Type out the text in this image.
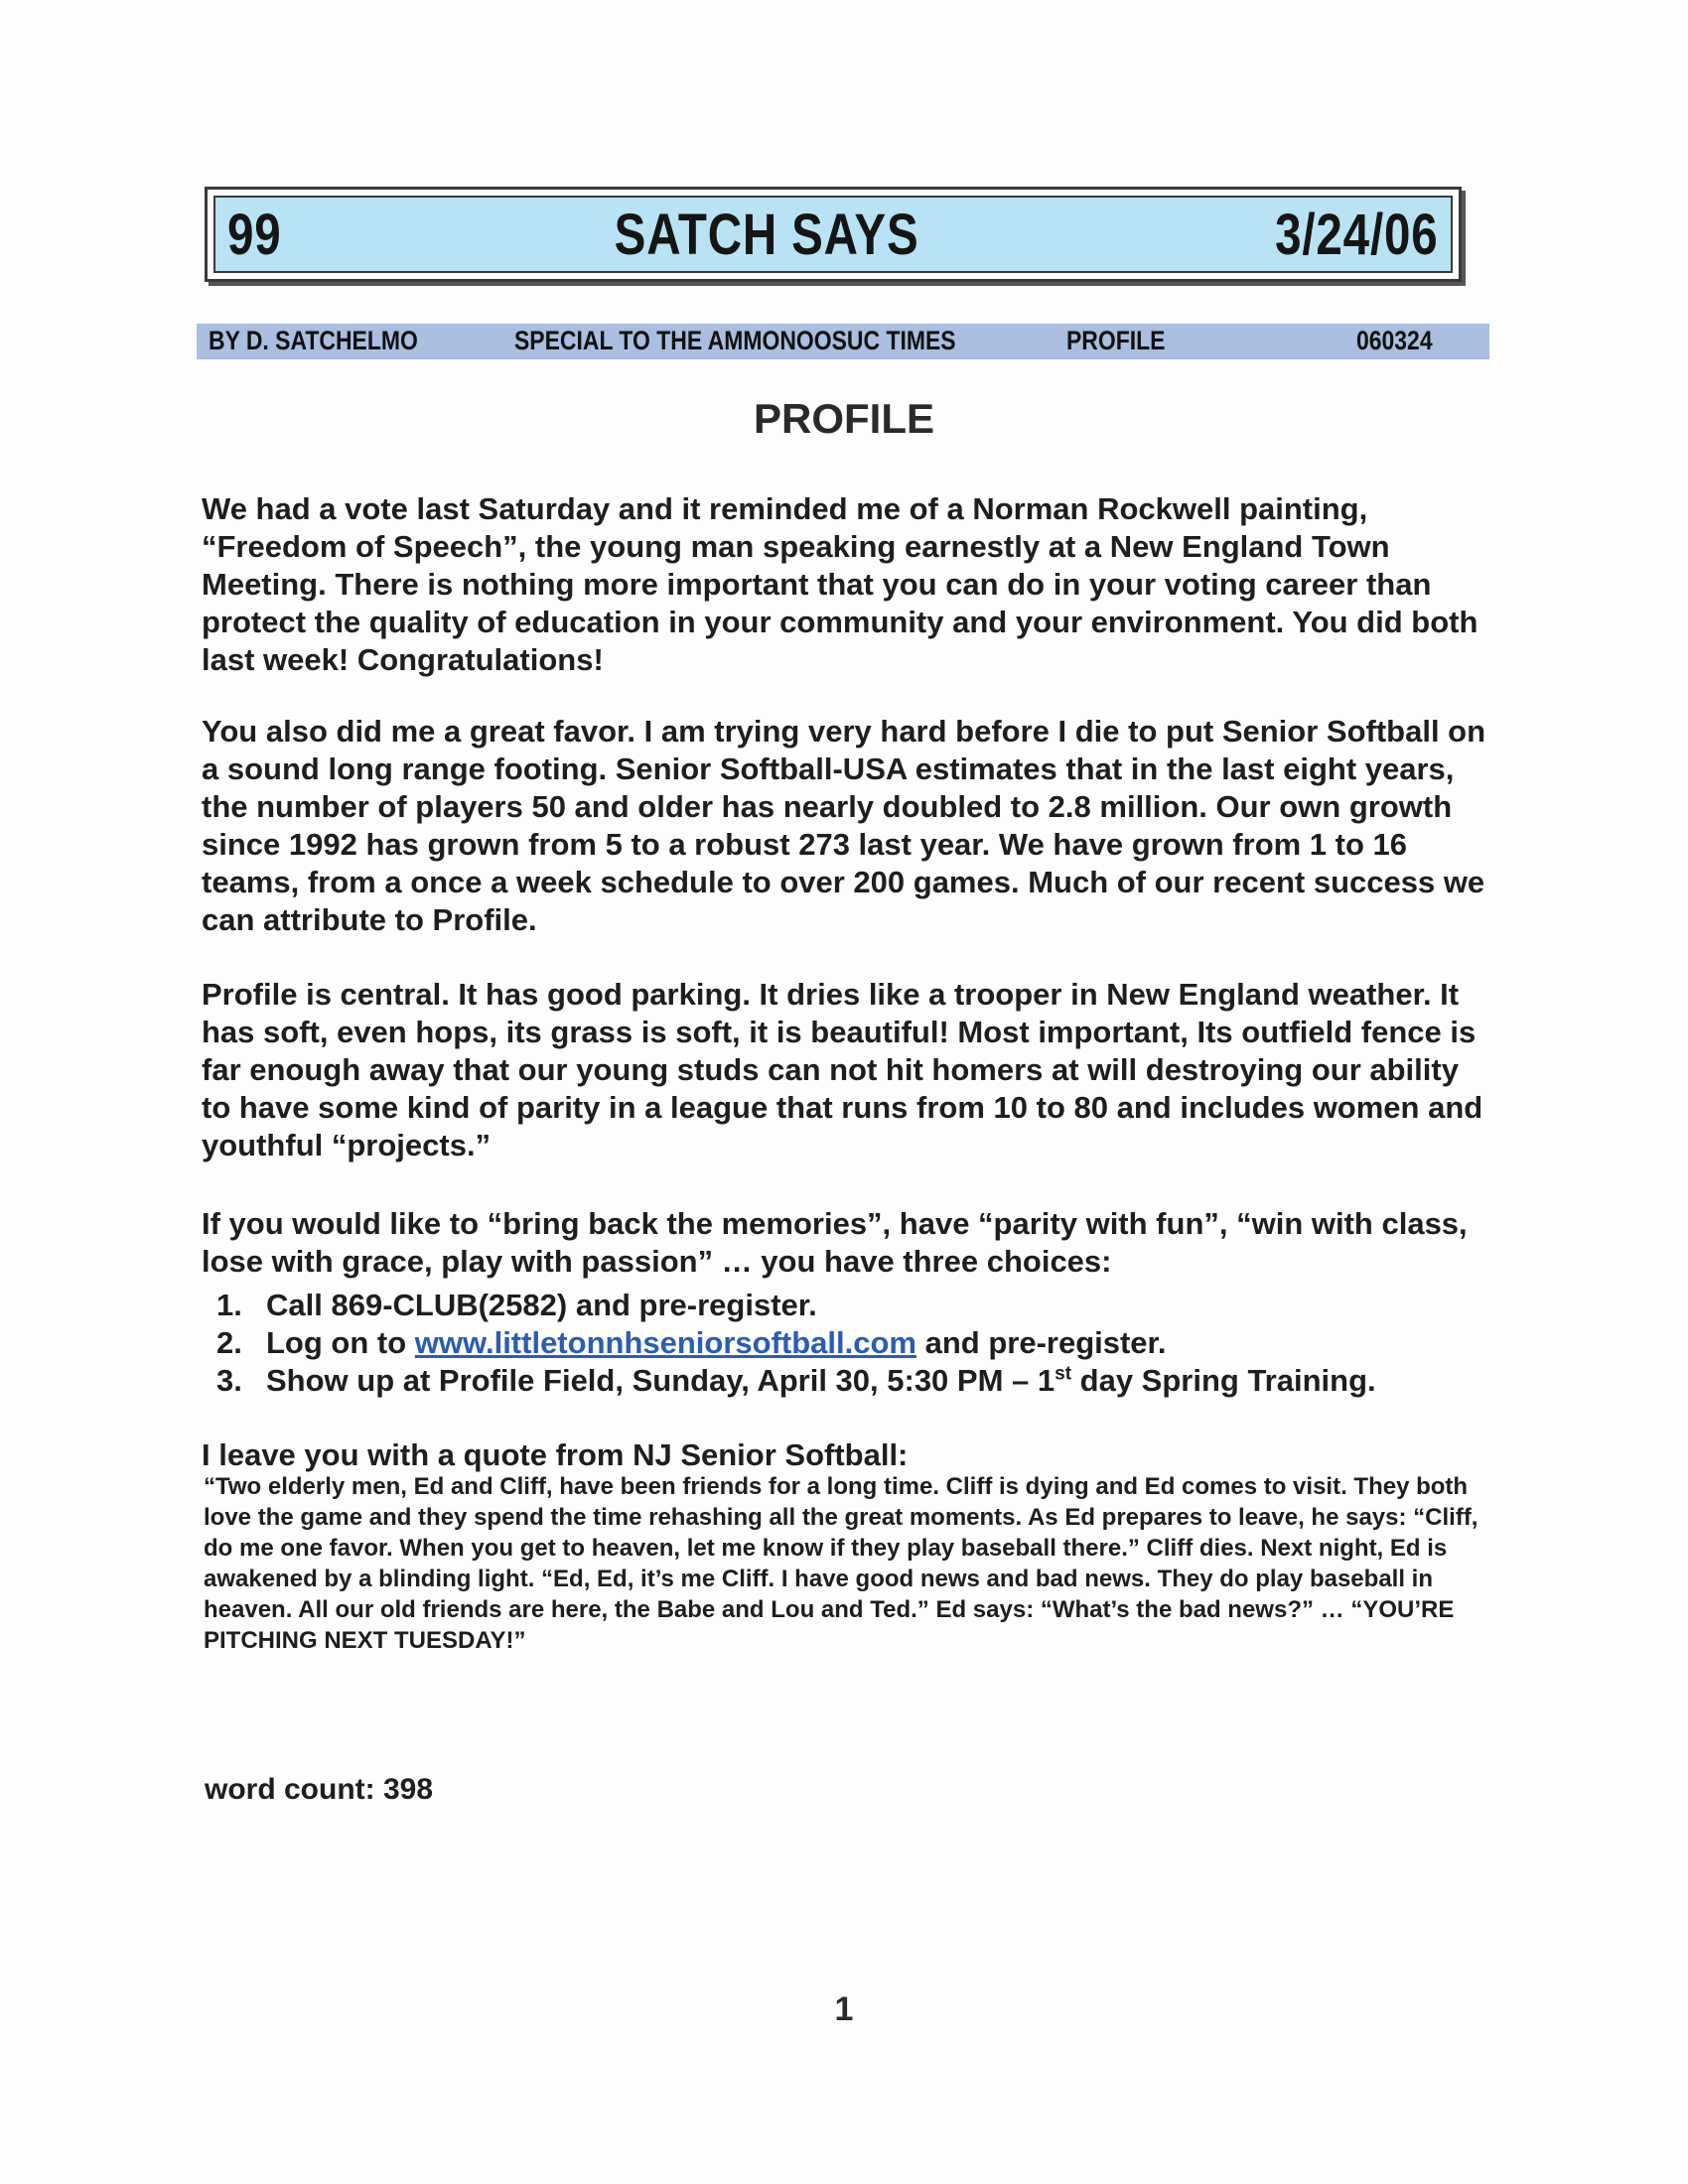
99	SATCH SAYS	3/24/06
BY D. SATCHELMO	SPECIAL TO THE AMMONOOSUC TIMES	PROFILE	060324
PROFILE

We had a vote last Saturday and it reminded me of a Norman Rockwell painting, “Freedom of Speech”, the young man speaking earnestly at a New England Town Meeting. There is nothing more important that you can do in your voting career than protect the quality of education in your community and your environment. You did both last week! Congratulations!

You also did me a great favor. I am trying very hard before I die to put Senior Softball on a sound long range footing. Senior Softball-USA estimates that in the last eight years, the number of players 50 and older has nearly doubled to 2.8 million. Our own growth since 1992 has grown from 5 to a robust 273 last year. We have grown from 1 to 16 teams, from a once a week schedule to over 200 games. Much of our recent success we can attribute to Profile.

Profile is central. It has good parking. It dries like a trooper in New England weather. It has soft, even hops, its grass is soft, it is beautiful! Most important, Its outfield fence is far enough away that our young studs can not hit homers at will destroying our ability to have some kind of parity in a league that runs from 10 to 80 and includes women and youthful “projects.”

If you would like to “bring back the memories”, have “parity with fun”, “win with class, lose with grace, play with passion” … you have three choices:

1. Call 869-CLUB(2582) and pre-register.
2. Log on to www.littletonnhseniorsoftball.com and pre-register.
3. Show up at Profile Field, Sunday, April 30, 5:30 PM – 1st day Spring Training.
I leave you with a quote from NJ Senior Softball:

“Two elderly men, Ed and Cliff, have been friends for a long time. Cliff is dying and Ed comes to visit. They both love the game and they spend the time rehashing all the great moments. As Ed prepares to leave, he says: “Cliff, do me one favor. When you get to heaven, let me know if they play baseball there.” Cliff dies. Next night, Ed is awakened by a blinding light. “Ed, Ed, it’s me Cliff. I have good news and bad news. They do play baseball in heaven. All our old friends are here, the Babe and Lou and Ted.” Ed says: “What’s the bad news?” … “YOU’RE PITCHING NEXT TUESDAY!”

word count: 398
1
